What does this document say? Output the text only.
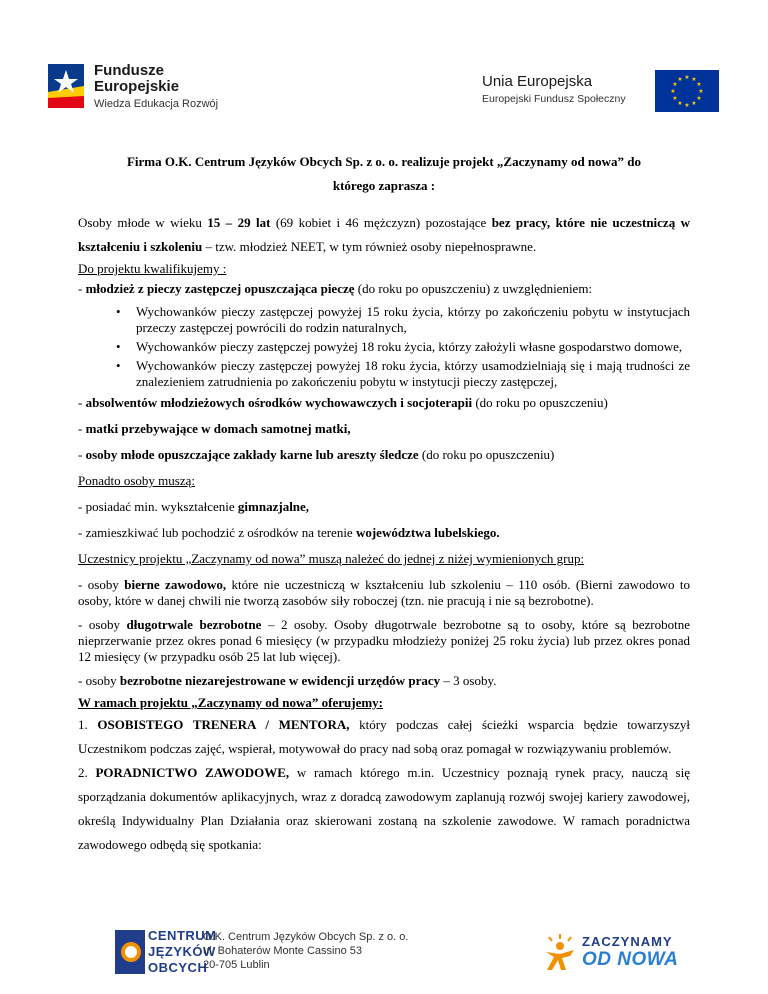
Fundusze
Europejskie
Wiedza Edukacja Rozwój
Unia Europejska
Europejski Fundusz Społeczny
★ ★
★
★
★
★
★
★
★
★
★
★
Firma O.K. Centrum Języków Obcych Sp. z o. o. realizuje projekt „Zaczynamy od nowa” do
którego zaprasza :

Osoby młode w wieku 15 – 29 lat (69 kobiet i 46 mężczyzn) pozostające bez pracy, które nie uczestniczą w kształceniu i szkoleniu – tzw. młodzież NEET, w tym również osoby niepełnosprawne.

Do projektu kwalifikujemy :

- młodzież z pieczy zastępczej opuszczająca pieczę (do roku po opuszczeniu) z uwzględnieniem:

• Wychowanków pieczy zastępczej powyżej 15 roku życia, którzy po zakończeniu pobytu w instytucjach przeczy zastępczej powrócili do rodzin naturalnych,
• Wychowanków pieczy zastępczej powyżej 18 roku życia, którzy założyli własne gospodarstwo domowe,
• Wychowanków pieczy zastępczej powyżej 18 roku życia, którzy usamodzielniają się i mają trudności ze znalezieniem zatrudnienia po zakończeniu pobytu w instytucji pieczy zastępczej,

- absolwentów młodzieżowych ośrodków wychowawczych i socjoterapii (do roku po opuszczeniu)

- matki przebywające w domach samotnej matki,

- osoby młode opuszczające zakłady karne lub areszty śledcze (do roku po opuszczeniu)

Ponadto osoby muszą:

- posiadać min. wykształcenie gimnazjalne,

- zamieszkiwać lub pochodzić z ośrodków na terenie województwa lubelskiego.

Uczestnicy projektu „Zaczynamy od nowa” muszą należeć do jednej z niżej wymienionych grup:

- osoby bierne zawodowo, które nie uczestniczą w kształceniu lub szkoleniu – 110 osób. (Bierni zawodowo to osoby, które w danej chwili nie tworzą zasobów siły roboczej (tzn. nie pracują i nie są bezrobotne).

- osoby długotrwale bezrobotne – 2 osoby. Osoby długotrwale bezrobotne są to osoby, które są bezrobotne nieprzerwanie przez okres ponad 6 miesięcy (w przypadku młodzieży poniżej 25 roku życia) lub przez okres ponad 12 miesięcy (w przypadku osób 25 lat lub więcej).

- osoby bezrobotne niezarejestrowane w ewidencji urzędów pracy – 3 osoby.

W ramach projektu „Zaczynamy od nowa” oferujemy:

1. OSOBISTEGO TRENERA / MENTORA, który podczas całej ścieżki wsparcia będzie towarzyszył Uczestnikom podczas zajęć, wspierał, motywował do pracy nad sobą oraz pomagał w rozwiązywaniu problemów.

2. PORADNICTWO ZAWODOWE, w ramach którego m.in. Uczestnicy poznają rynek pracy, nauczą się sporządzania dokumentów aplikacyjnych, wraz z doradcą zawodowym zaplanują rozwój swojej kariery zawodowej, określą Indywidualny Plan Działania oraz skierowani zostaną na szkolenie zawodowe. W ramach poradnictwa zawodowego odbędą się spotkania:

CENTRUM
JĘZYKÓW
OBCYCH
O.K. Centrum Języków Obcych Sp. z o. o.
ul. Bohaterów Monte Cassino 53
20-705 Lublin
ZACZYNAMY
OD NOWA
